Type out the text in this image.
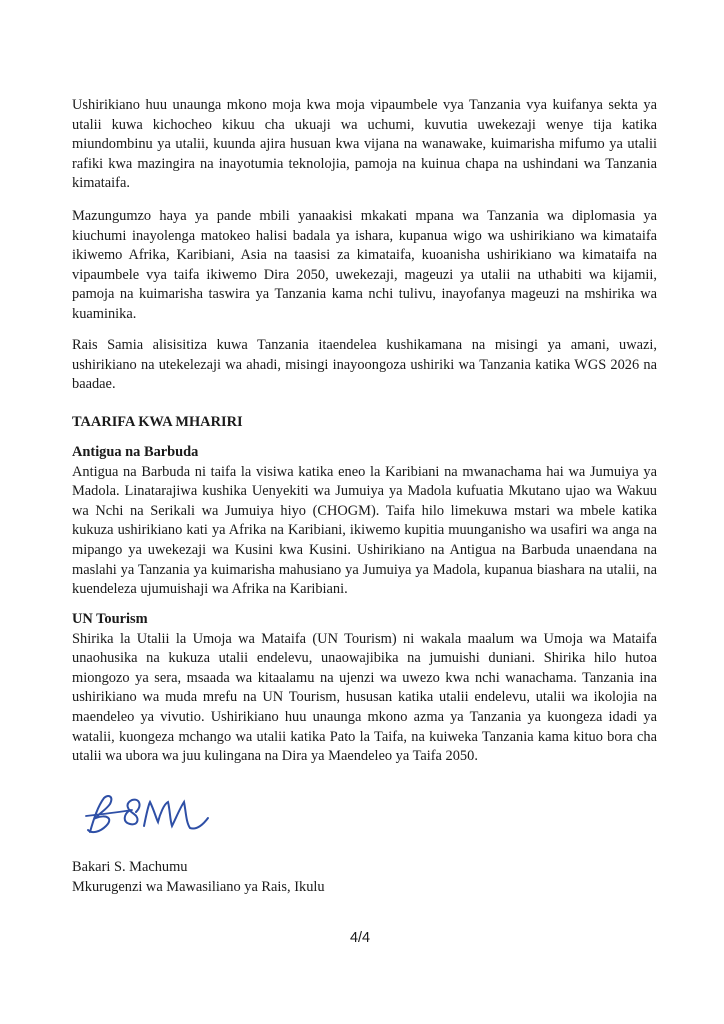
Ushirikiano huu unaunga mkono moja kwa moja vipaumbele vya Tanzania vya kuifanya sekta ya utalii kuwa kichocheo kikuu cha ukuaji wa uchumi, kuvutia uwekezaji wenye tija katika miundombinu ya utalii, kuunda ajira husuan kwa vijana na wanawake, kuimarisha mifumo ya utalii rafiki kwa mazingira na inayotumia teknolojia, pamoja na kuinua chapa na ushindani wa Tanzania kimataifa.

Mazungumzo haya ya pande mbili yanaakisi mkakati mpana wa Tanzania wa diplomasia ya kiuchumi inayolenga matokeo halisi badala ya ishara, kupanua wigo wa ushirikiano wa kimataifa ikiwemo Afrika, Karibiani, Asia na taasisi za kimataifa, kuoanisha ushirikiano wa kimataifa na vipaumbele vya taifa ikiwemo Dira 2050, uwekezaji, mageuzi ya utalii na uthabiti wa kijamii, pamoja na kuimarisha taswira ya Tanzania kama nchi tulivu, inayofanya mageuzi na mshirika wa kuaminika.

Rais Samia alisisitiza kuwa Tanzania itaendelea kushikamana na misingi ya amani, uwazi, ushirikiano na utekelezaji wa ahadi, misingi inayoongoza ushiriki wa Tanzania katika WGS 2026 na baadae.

TAARIFA KWA MHARIRI
Antigua na Barbuda
Antigua na Barbuda ni taifa la visiwa katika eneo la Karibiani na mwanachama hai wa Jumuiya ya Madola. Linatarajiwa kushika Uenyekiti wa Jumuiya ya Madola kufuatia Mkutano ujao wa Wakuu wa Nchi na Serikali wa Jumuiya hiyo (CHOGM). Taifa hilo limekuwa mstari wa mbele katika kukuza ushirikiano kati ya Afrika na Karibiani, ikiwemo kupitia muunganisho wa usafiri wa anga na mipango ya uwekezaji wa Kusini kwa Kusini. Ushirikiano na Antigua na Barbuda unaendana na maslahi ya Tanzania ya kuimarisha mahusiano ya Jumuiya ya Madola, kupanua biashara na utalii, na kuendeleza ujumuishaji wa Afrika na Karibiani.
UN Tourism
Shirika la Utalii la Umoja wa Mataifa (UN Tourism) ni wakala maalum wa Umoja wa Mataifa unaohusika na kukuza utalii endelevu, unaowajibika na jumuishi duniani. Shirika hilo hutoa miongozo ya sera, msaada wa kitaalamu na ujenzi wa uwezo kwa nchi wanachama. Tanzania ina ushirikiano wa muda mrefu na UN Tourism, hususan katika utalii endelevu, utalii wa ikolojia na maendeleo ya vivutio. Ushirikiano huu unaunga mkono azma ya Tanzania ya kuongeza idadi ya watalii, kuongeza mchango wa utalii katika Pato la Taifa, na kuiweka Tanzania kama kituo bora cha utalii wa ubora wa juu kulingana na Dira ya Maendeleo ya Taifa 2050.
Bakari S. Machumu
Mkurugenzi wa Mawasiliano ya Rais, Ikulu
4/4
